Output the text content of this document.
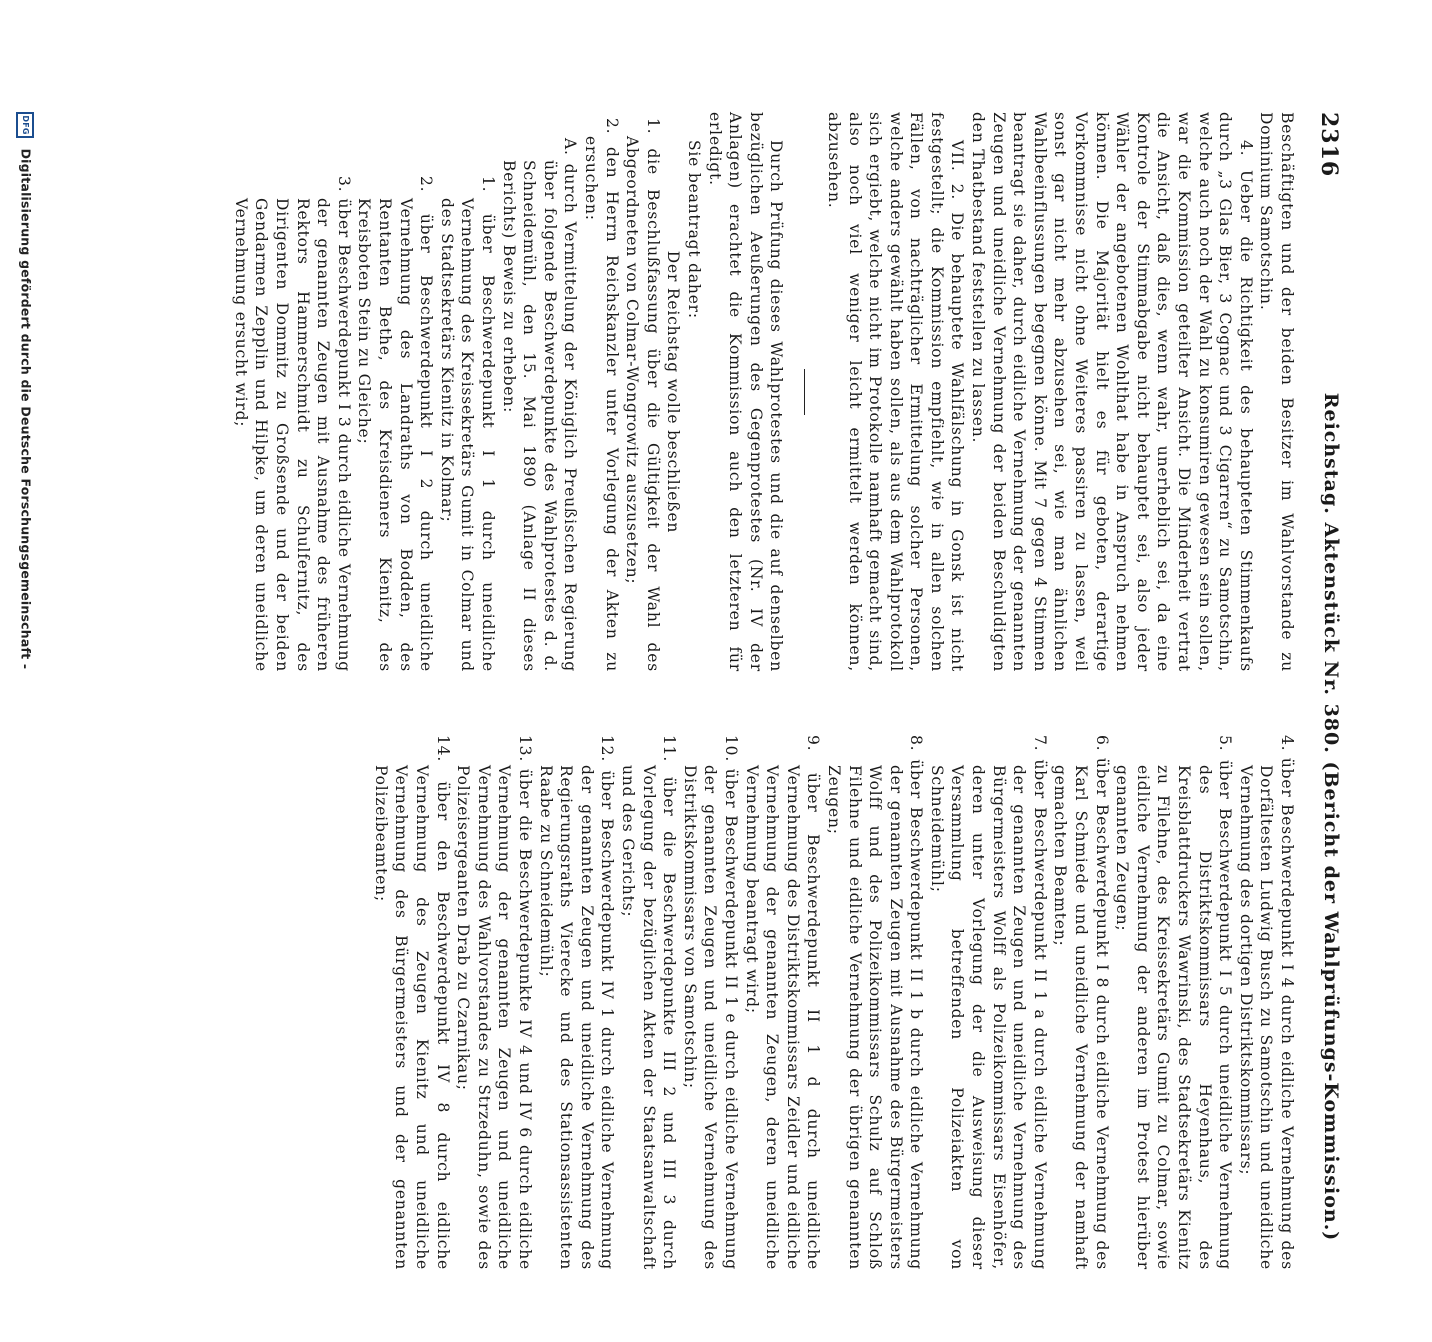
2316
Reichstag. Aktenstück Nr. 380. (Bericht der Wahlprüfungs-Kommission.)

Beschäftigten und der beiden Besitzer im Wahlvorstande zu Dominium Samotschin.

4. Ueber die Richtigkeit des behaupteten Stimmenkaufs durch „3 Glas Bier, 3 Cognac und 3 Cigarren“ zu Samotschin, welche auch noch der Wahl zu konsumiren gewesen sein sollen, war die Kommission geteilter Ansicht. Die Minderheit vertrat die Ansicht, daß dies, wenn wahr, unerheblich sei, da eine Kontrole der Stimmabgabe nicht behauptet sei, also jeder Wähler der angebotenen Wohlthat habe in Anspruch nehmen können. Die Majorität hielt es für geboten, derartige Vorkommnisse nicht ohne Weiteres passiren zu lassen, weil sonst gar nicht mehr abzusehen sei, wie man ähnlichen Wahlbeeinflussungen begegnen könne. Mit 7 gegen 4 Stimmen beantragt sie daher, durch eidliche Vernehmung der genannten Zeugen und uneidliche Vernehmung der beiden Beschuldigten den Thatbestand feststellen zu lassen.

VII. 2. Die behauptete Wahlfälschung in Gonsk ist nicht festgestellt; die Kommission empfiehlt, wie in allen solchen Fällen, von nachträglicher Ermittelung solcher Personen, welche anders gewählt haben sollen, als aus dem Wahlprotokoll sich ergiebt, welche nicht im Protokolle namhaft gemacht sind, also noch viel weniger leicht ermittelt werden können, abzusehen.

Durch Prüfung dieses Wahlprotestes und die auf denselben bezüglichen Aeußerungen des Gegenprotestes (Nr. IV der Anlagen) erachtet die Kommission auch den letzteren für erledigt.

Sie beantragt daher:

Der Reichstag wolle beschließen

1. die Beschlußfassung über die Gültigkeit der Wahl des Abgeordneten von Colmar-Wongrowitz auszusetzen;

2. den Herrn Reichskanzler unter Vorlegung der Akten zu ersuchen:

A. durch Vermittelung der Königlich Preußischen Regierung über folgende Beschwerdepunkte des Wahlprotestes d. d. Schneidemühl, den 15. Mai 1890 (Anlage II dieses Berichts) Beweis zu erheben:

1. über Beschwerdepunkt I 1 durch uneidliche Vernehmung des Kreissekretärs Gumit in Colmar und des Stadtsekretärs Kienitz in Kolmar;

2. über Beschwerdepunkt I 2 durch uneidliche Vernehmung des Landraths von Bodden, des Rentanten Bethe, des Kreisdieners Kienitz, des Kreisboten Stein zu Gleiche;

3. über Beschwerdepunkt I 3 durch eidliche Vernehmung der genannten Zeugen mit Ausnahme des früheren Rektors Hammerschmidt zu Schulfernitz, des Dirigenten Dommitz zu Großsende und der beiden Gendarmen Zepplin und Hilpke, um deren uneidliche Vernehmung ersucht wird;

4. über Beschwerdepunkt I 4 durch eidliche Vernehmung des Dorfältesten Ludwig Busch zu Samotschin und uneidliche Vernehmung des dortigen Distriktskommissars;

5. über Beschwerdepunkt I 5 durch uneidliche Vernehmung des Distriktskommissars Heyenhaus, des Kreisblattdruckers Wawrinski, des Stadtsekretärs Kienitz zu Filehne, des Kreissekretärs Gumit zu Colmar, sowie eidliche Vernehmung der anderen im Protest hierüber genannten Zeugen;

6. über Beschwerdepunkt I 8 durch eidliche Vernehmung des Karl Schmiede und uneidliche Vernehmung der namhaft gemachten Beamten;

7. über Beschwerdepunkt II 1 a durch eidliche Vernehmung der genannten Zeugen und uneidliche Vernehmung des Bürgermeisters Wolff als Polizeikommissars Eisenhöfer, deren unter Vorlegung der die Ausweisung dieser Versammlung betreffenden Polizeiakten von Schneidemühl;

8. über Beschwerdepunkt II 1 b durch eidliche Vernehmung der genannten Zeugen mit Ausnahme des Bürgermeisters Wolff und des Polizeikommissars Schulz auf Schloß Filehne und eidliche Vernehmung der übrigen genannten Zeugen;

9. über Beschwerdepunkt II 1 d durch uneidliche Vernehmung des Distriktskommissars Zeidler und eidliche Vernehmung der genannten Zeugen, deren uneidliche Vernehmung beantragt wird;

10. über Beschwerdepunkt II 1 e durch eidliche Vernehmung der genannten Zeugen und uneidliche Vernehmung des Distriktskommissars von Samotschin;

11. über die Beschwerdepunkte III 2 und III 3 durch Vorlegung der bezüglichen Akten der Staatsanwaltschaft und des Gerichts;

12. über Beschwerdepunkt IV 1 durch eidliche Vernehmung der genannten Zeugen und uneidliche Vernehmung des Regierungsraths Vierecke und des Stationsassistenten Raabe zu Schneidemühl;

13. über die Beschwerdepunkte IV 4 und IV 6 durch eidliche Vernehmung der genannten Zeugen und uneidliche Vernehmung des Wahlvorstandes zu Strzeduhn, sowie des Polizeisergeanten Drab zu Czarnikau;

14. über den Beschwerdepunkt IV 8 durch eidliche Vernehmung des Zeugen Kienitz und uneidliche Vernehmung des Bürgermeisters und der genannten Polizeibeamten;

DFG Digitalisierung gefördert durch die Deutsche Forschungsgemeinschaft -
